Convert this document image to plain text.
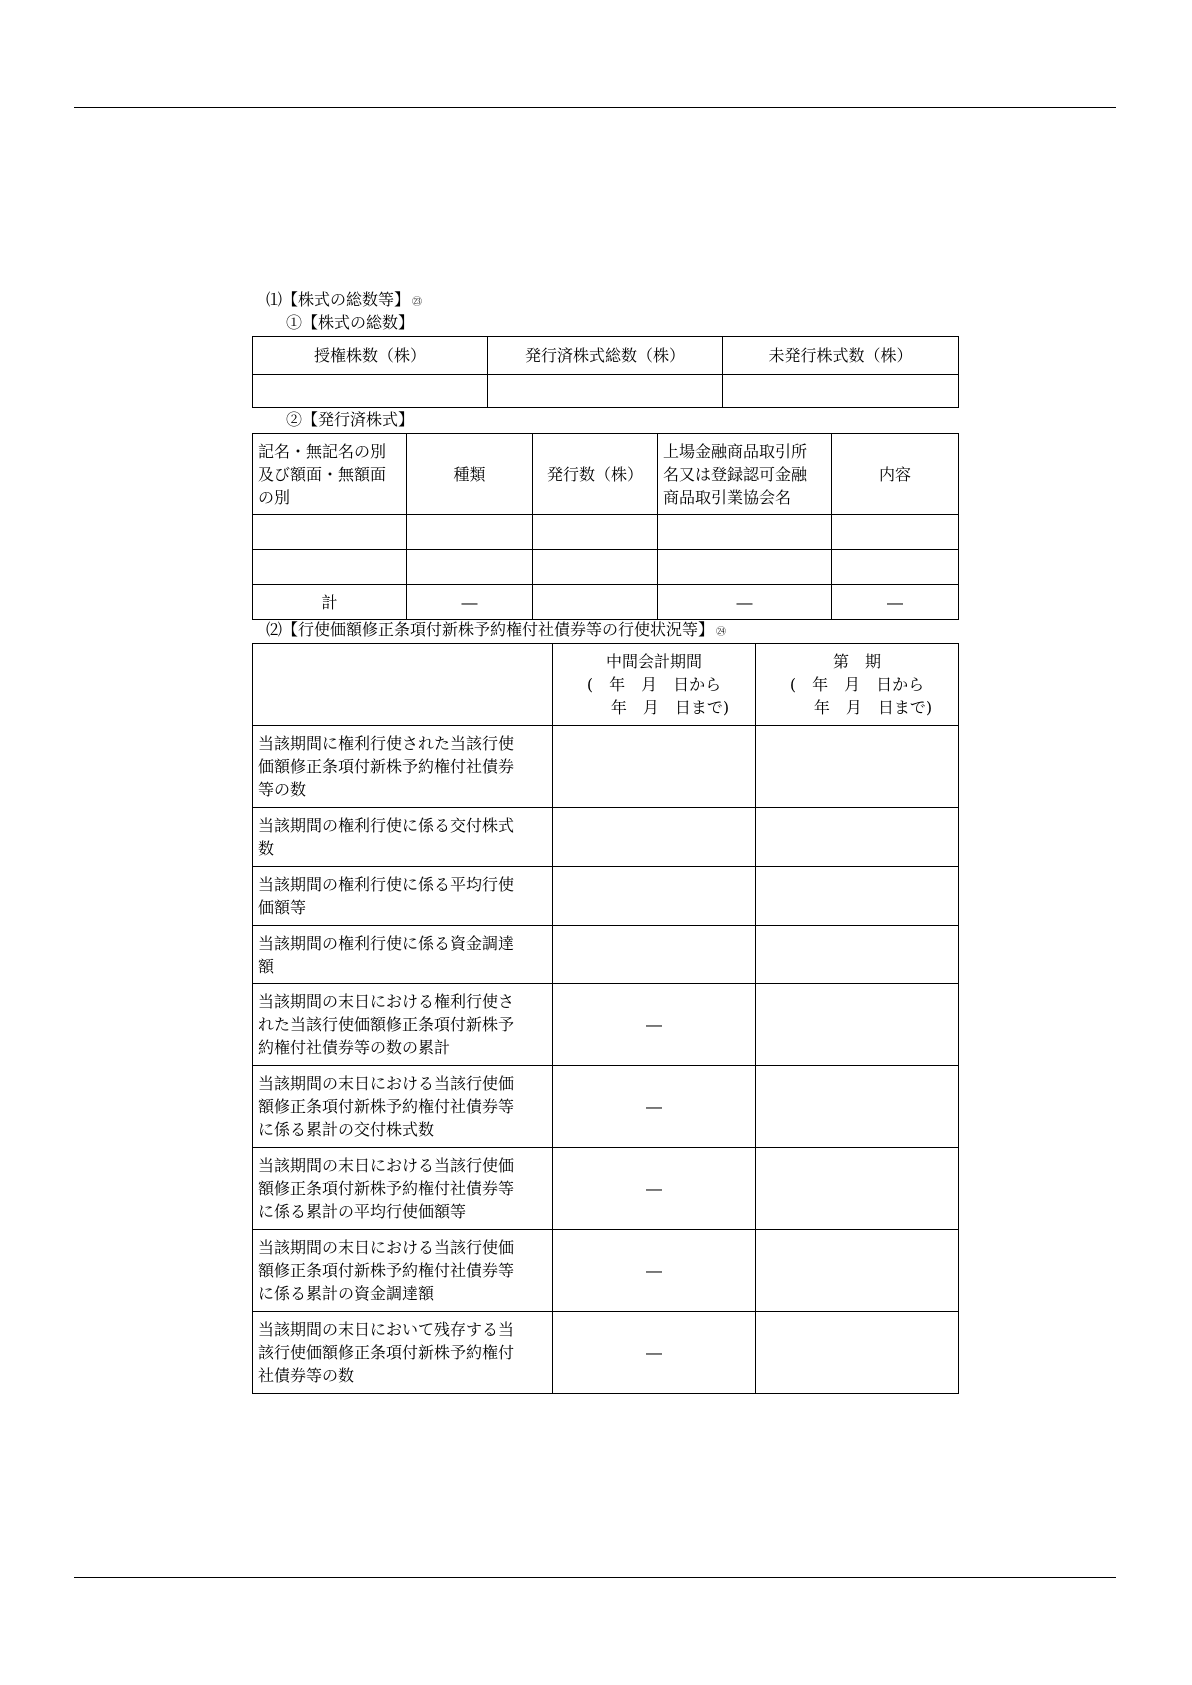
⑴【株式の総数等】 ㉓
①【株式の総数】
授権株数（株）	発行済株式総数（株）	未発行株式数（株）

②【発行済株式】
記名・無記名の別
及び額面・無額面
の別	種類	発行数（株）	上場金融商品取引所
名又は登録認可金融
商品取引業協会名	内容

計	―		―	―
⑵【行使価額修正条項付新株予約権付社債券等の行使状況等】 ㉔
	中間会計期間
(　年　月　日から
　　年　月　日まで)	第　期
(　年　月　日から
　　年　月　日まで)
当該期間に権利行使された当該行使
価額修正条項付新株予約権付社債券
等の数		
当該期間の権利行使に係る交付株式
数		
当該期間の権利行使に係る平均行使
価額等		
当該期間の権利行使に係る資金調達
額		
当該期間の末日における権利行使さ
れた当該行使価額修正条項付新株予
約権付社債券等の数の累計	―	
当該期間の末日における当該行使価
額修正条項付新株予約権付社債券等
に係る累計の交付株式数	―	
当該期間の末日における当該行使価
額修正条項付新株予約権付社債券等
に係る累計の平均行使価額等	―	
当該期間の末日における当該行使価
額修正条項付新株予約権付社債券等
に係る累計の資金調達額	―	
当該期間の末日において残存する当
該行使価額修正条項付新株予約権付
社債券等の数	―	
